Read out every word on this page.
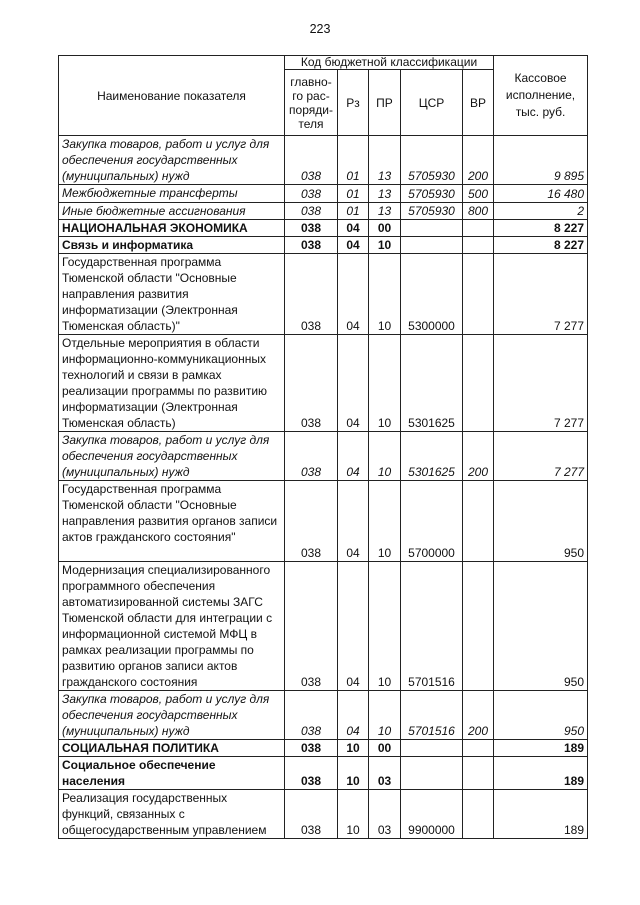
223
Наименование показателя	Код бюджетной классификации					Кассовое
исполнение,
тыс. руб.
	главно-
го рас-
поряди-
теля	Рз	ПР	ЦСР	ВР	
Закупка товаров, работ и услуг для обеспечения государственных (муниципальных) нужд	038	01	13	5705930	200	9 895
Межбюджетные трансферты	038	01	13	5705930	500	16 480
Иные бюджетные ассигнования	038	01	13	5705930	800	2
НАЦИОНАЛЬНАЯ ЭКОНОМИКА	038	04	00			8 227
Связь и информатика	038	04	10			8 227
Государственная программа Тюменской области "Основные направления развития информатизации (Электронная Тюменская область)"	038	04	10	5300000		7 277
Отдельные мероприятия в области информационно-коммуникационных технологий и связи в рамках реализации программы по развитию информатизации (Электронная Тюменская область)	038	04	10	5301625		7 277
Закупка товаров, работ и услуг для обеспечения государственных (муниципальных) нужд	038	04	10	5301625	200	7 277
Государственная программа Тюменской области "Основные направления развития органов записи актов гражданского состояния"	038	04	10	5700000		950
Модернизация специализированного программного обеспечения автоматизированной системы ЗАГС Тюменской области для интеграции с информационной системой МФЦ в рамках реализации программы по развитию органов записи актов гражданского состояния	038	04	10	5701516		950
Закупка товаров, работ и услуг для обеспечения государственных (муниципальных) нужд	038	04	10	5701516	200	950
СОЦИАЛЬНАЯ ПОЛИТИКА	038	10	00			189
Социальное обеспечение населения	038	10	03			189
Реализация государственных функций, связанных с общегосударственным управлением	038	10	03	9900000		189
